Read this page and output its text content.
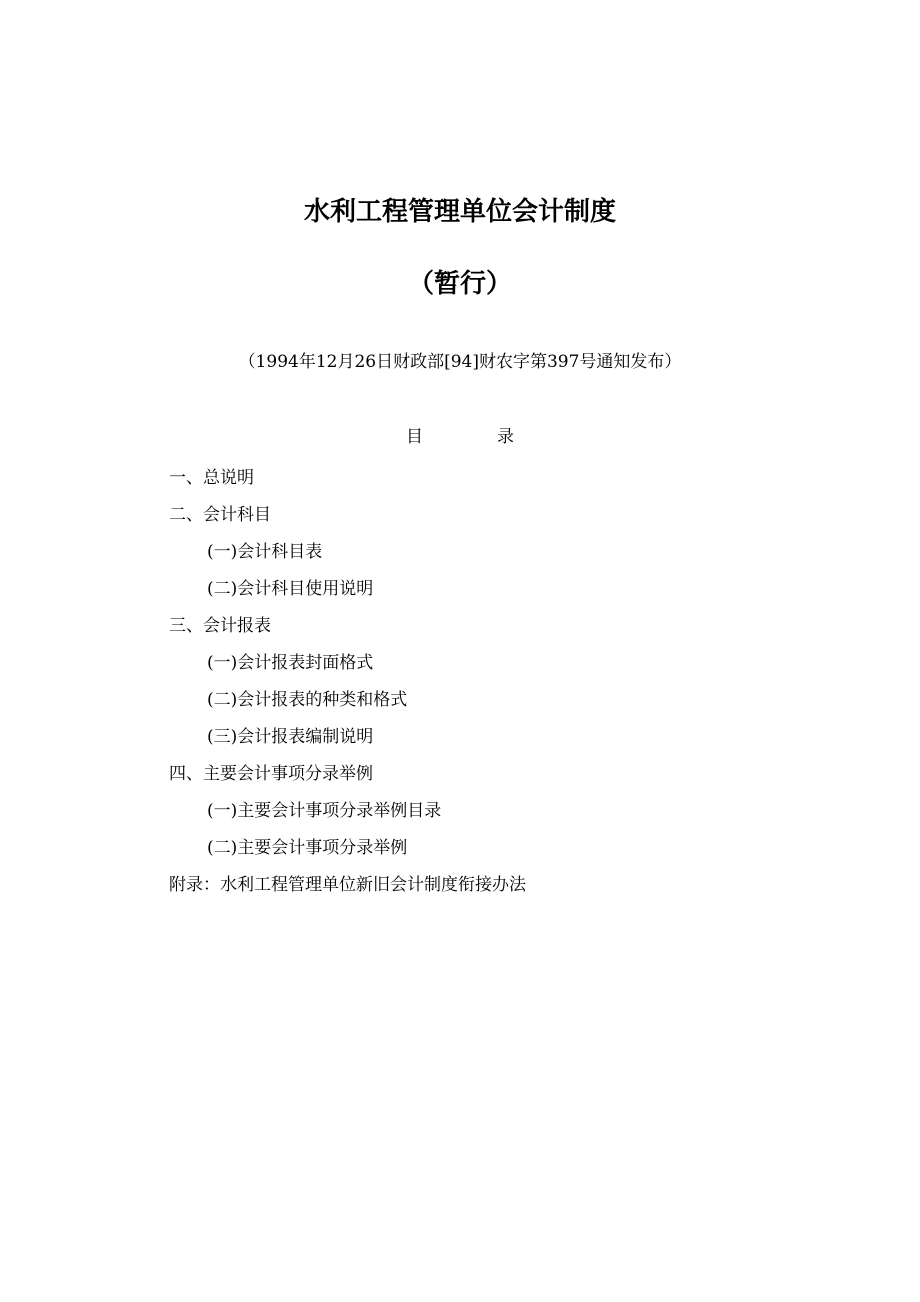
水利工程管理单位会计制度
（暂行）
（1994年12月26日财政部[94]财农字第397号通知发布）
目	录
一、总说明
二、会计科目
(一)会计科目表
(二)会计科目使用说明
三、会计报表
(一)会计报表封面格式
(二)会计报表的种类和格式
(三)会计报表编制说明
四、主要会计事项分录举例
(一)主要会计事项分录举例目录
(二)主要会计事项分录举例
附录：水利工程管理单位新旧会计制度衔接办法
